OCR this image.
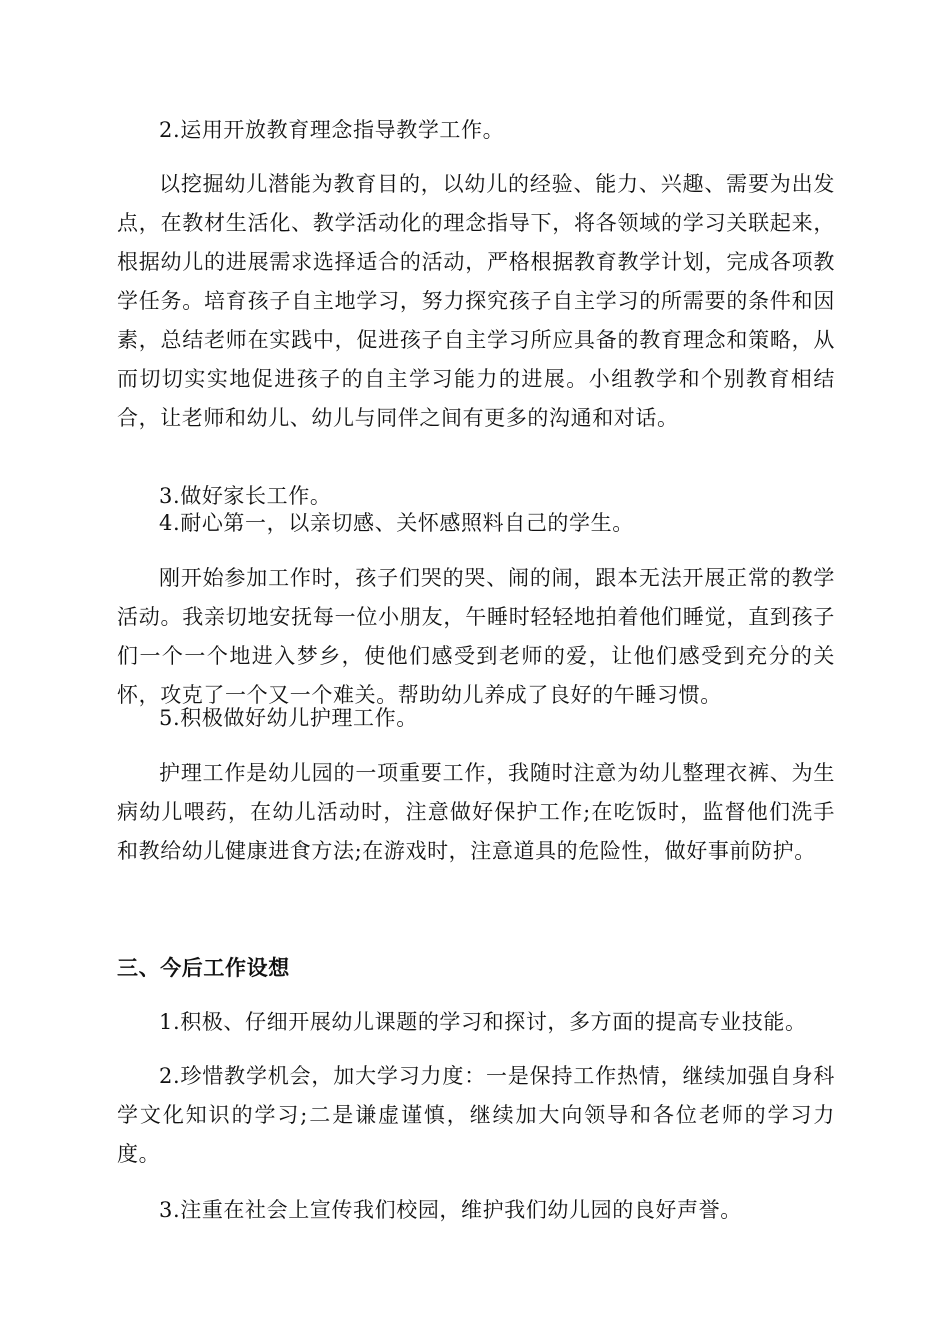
2.运用开放教育理念指导教学工作。

以挖掘幼儿潜能为教育目的，以幼儿的经验、能力、兴趣、需要为出发点，在教材生活化、教学活动化的理念指导下，将各领域的学习关联起来，根据幼儿的进展需求选择适合的活动，严格根据教育教学计划，完成各项教学任务。培育孩子自主地学习，努力探究孩子自主学习的所需要的条件和因素，总结老师在实践中，促进孩子自主学习所应具备的教育理念和策略，从而切切实实地促进孩子的自主学习能力的进展。小组教学和个别教育相结合，让老师和幼儿、幼儿与同伴之间有更多的沟通和对话。

3.做好家长工作。

4.耐心第一，以亲切感、关怀感照料自己的学生。

刚开始参加工作时，孩子们哭的哭、闹的闹，跟本无法开展正常的教学活动。我亲切地安抚每一位小朋友，午睡时轻轻地拍着他们睡觉，直到孩子们一个一个地进入梦乡，使他们感受到老师的爱，让他们感受到充分的关怀，攻克了一个又一个难关。帮助幼儿养成了良好的午睡习惯。

5.积极做好幼儿护理工作。

护理工作是幼儿园的一项重要工作，我随时注意为幼儿整理衣裤、为生病幼儿喂药，在幼儿活动时，注意做好保护工作;在吃饭时，监督他们洗手和教给幼儿健康进食方法;在游戏时，注意道具的危险性，做好事前防护。

三、今后工作设想

1.积极、仔细开展幼儿课题的学习和探讨，多方面的提高专业技能。

2.珍惜教学机会，加大学习力度：一是保持工作热情，继续加强自身科学文化知识的学习;二是谦虚谨慎，继续加大向领导和各位老师的学习力度。

3.注重在社会上宣传我们校园，维护我们幼儿园的良好声誉。
